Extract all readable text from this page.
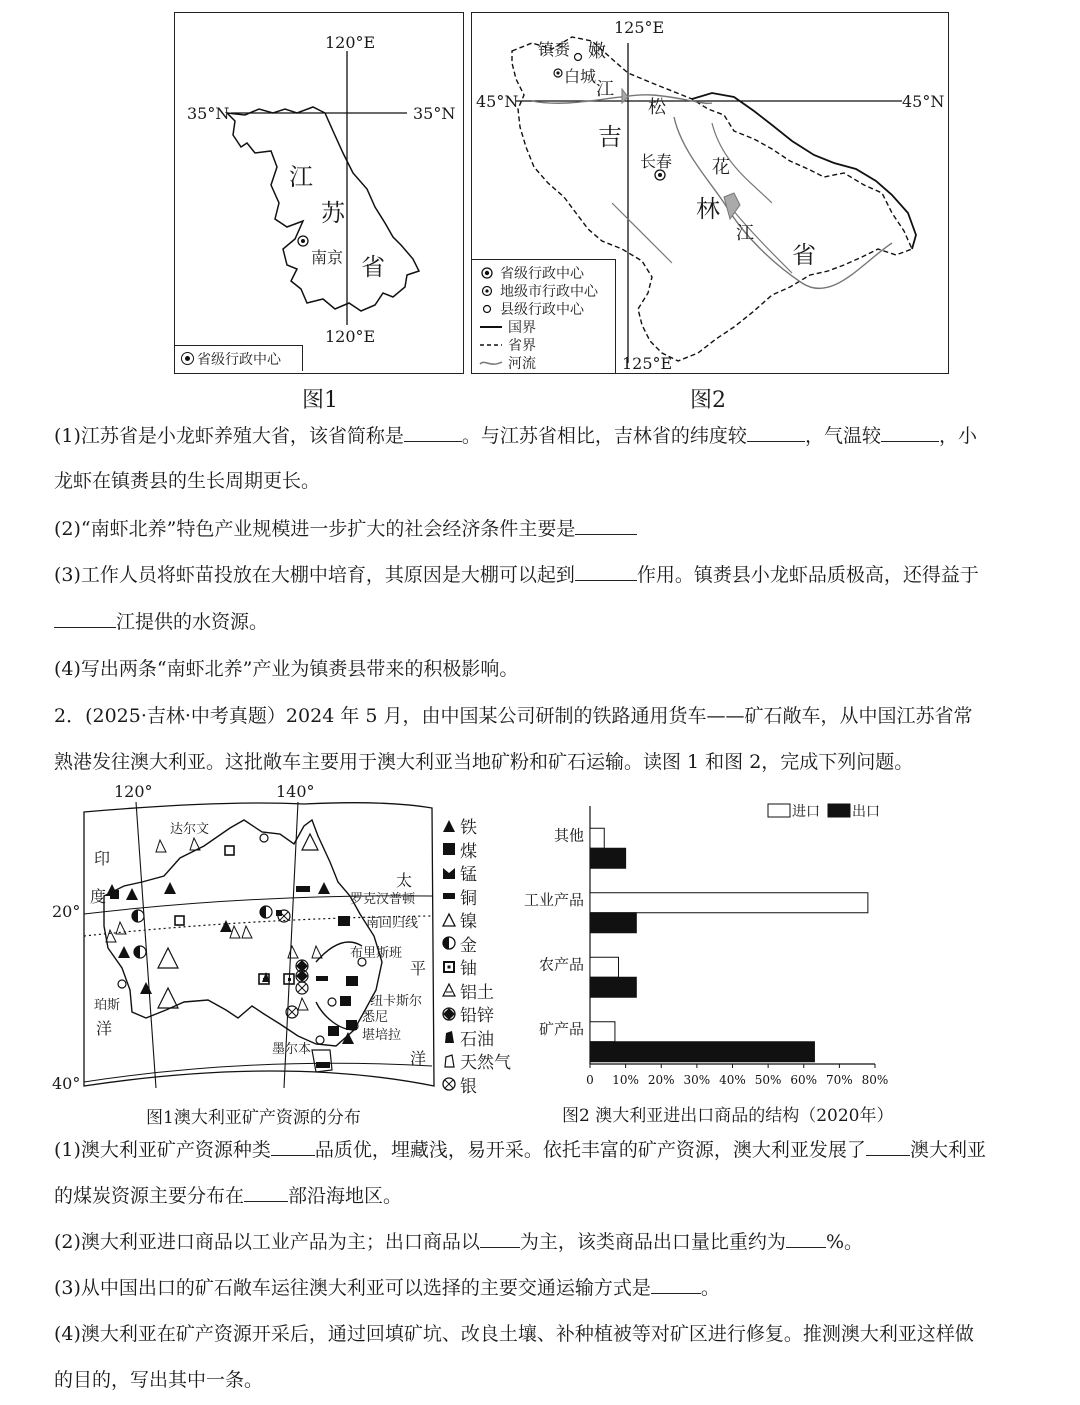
120°E
120°E
35°N	35°N
江
苏
省
南京
省级行政中心
图1
125°E
125°E
45°N	45°N
镇赉
白城
长春
吉
林
省
嫩
江
松
花
江
省级行政中心
地级市行政中心
县级行政中心
国界
省界
河流
图2
(1)江苏省是小龙虾养殖大省，该省简称是	。与江苏省相比，吉林省的纬度较	，气温较	，小
龙虾在镇赉县的生长周期更长。
(2)“南虾北养”特色产业规模进一步扩大的社会经济条件主要是
(3)工作人员将虾苗投放在大棚中培育，其原因是大棚可以起到	作用。镇赉县小龙虾品质极高，还得益于
江提供的水资源。
(4)写出两条“南虾北养”产业为镇赉县带来的积极影响。
2．(2025·吉林·中考真题）2024 年 5 月，由中国某公司研制的铁路通用货车——矿石敞车，从中国江苏省常
熟港发往澳大利亚。这批敞车主要用于澳大利亚当地矿粉和矿石运输。读图 1 和图 2，完成下列问题。
120°	140°
20°
40°
印
度
洋
太
平
洋
达尔文
罗克汉普顿
南回归线
布里斯班
纽卡斯尔
悉尼
堪培拉
墨尔本
珀斯
铁
煤
锰
铜
镍
金
铀
铝土
铅锌
石油
天然气
银
图1澳大利亚矿产资源的分布
0 10% 20% 30% 40% 50% 60% 70% 80%
其他
工业产品
农产品
矿产品
进口 出口
图2 澳大利亚进出口商品的结构（2020年）
(1)澳大利亚矿产资源种类 品质优，埋藏浅，易开采。依托丰富的矿产资源，澳大利亚发展了 澳大利亚
的煤炭资源主要分布在 部沿海地区。
(2)澳大利亚进口商品以工业产品为主；出口商品以 为主，该类商品出口量比重约为 %。
(3)从中国出口的矿石敞车运往澳大利亚可以选择的主要交通运输方式是	。
(4)澳大利亚在矿产资源开采后，通过回填矿坑、改良土壤、补种植被等对矿区进行修复。推测澳大利亚这样做
的目的，写出其中一条。
